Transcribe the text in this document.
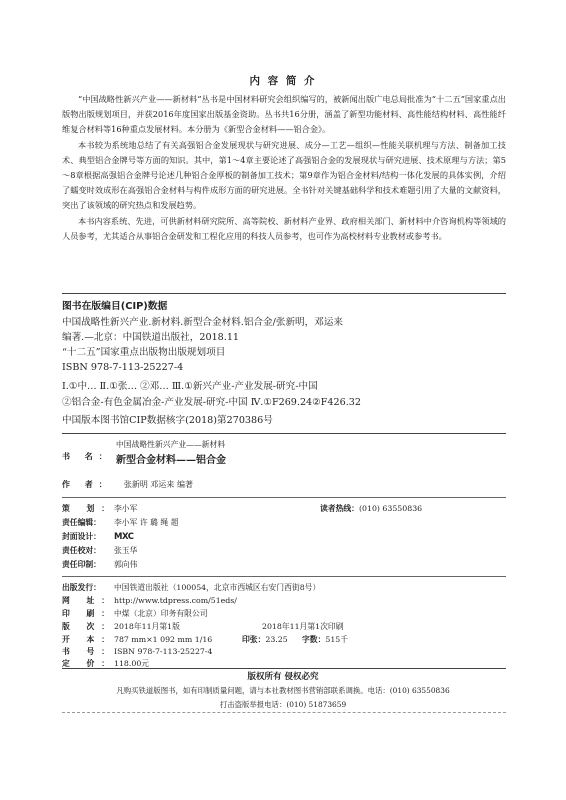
内 容 简 介

“中国战略性新兴产业——新材料”丛书是中国材料研究会组织编写的，被新闻出版广电总局批准为“十二五”国家重点出版物出版规划项目，并获2016年度国家出版基金资助。丛书共16分册，涵盖了新型功能材料、高性能结构材料、高性能纤维复合材料等16种重点发展材料。本分册为《新型合金材料——铝合金》。

本书较为系统地总结了有关高强铝合金发展现状与研究进展、成分—工艺—组织—性能关联机理与方法、制备加工技术、典型铝合金牌号等方面的知识。其中，第1～4章主要论述了高强铝合金的发展现状与研究进展、技术原理与方法；第5～8章根据高强铝合金牌号论述几种铝合金厚板的制备加工技术；第9章作为铝合金材料/结构一体化发展的具体实例，介绍了蠕变时效成形在高强铝合金材料与构件成形方面的研究进展。全书针对关键基础科学和技术难题引用了大量的文献资料，突出了该领域的研究热点和发展趋势。

本书内容系统、先进，可供新材料研究院所、高等院校、新材料产业界、政府相关部门、新材料中介咨询机构等领域的人员参考，尤其适合从事铝合金研发和工程化应用的科技人员参考，也可作为高校材料专业教材或参考书。

图书在版编目(CIP)数据
中国战略性新兴产业.新材料.新型合金材料.铝合金/张新明，邓运来
编著.—北京：中国铁道出版社，2018.11
“十二五”国家重点出版物出版规划项目
ISBN 978-7-113-25227-4
Ⅰ.①中… Ⅱ.①张… ②邓… Ⅲ.①新兴产业-产业发展-研究-中国
②铝合金-有色金属冶金-产业发展-研究-中国 Ⅳ.①F269.24②F426.32
中国版本图书馆CIP数据核字(2018)第270386号
书 名：
中国战略性新兴产业——新材料
新型合金材料——铝合金
作 者： 张新明 邓运来 编著
策 划：李小军	读者热线：(010) 63550836
责任编辑： 李小军 许 璐 绳 超
封面设计： MXC
责任校对： 张玉华
责任印制： 郭向伟
出版发行： 中国铁道出版社（100054，北京市西城区右安门西街8号）
网 址：http://www.tdpress.com/51eds/
印 刷：中煤（北京）印务有限公司
版 次：2018年11月第1版	2018年11月第1次印刷
开 本：787 mm×1 092 mm 1/16	印张：23.25 字数：515千
书 号：ISBN 978-7-113-25227-4
定 价：118.00元
版权所有 侵权必究
凡购买铁道版图书，如有印制质量问题，请与本社教材图书营销部联系调换。电话：(010) 63550836
打击盗版举报电话：(010) 51873659
